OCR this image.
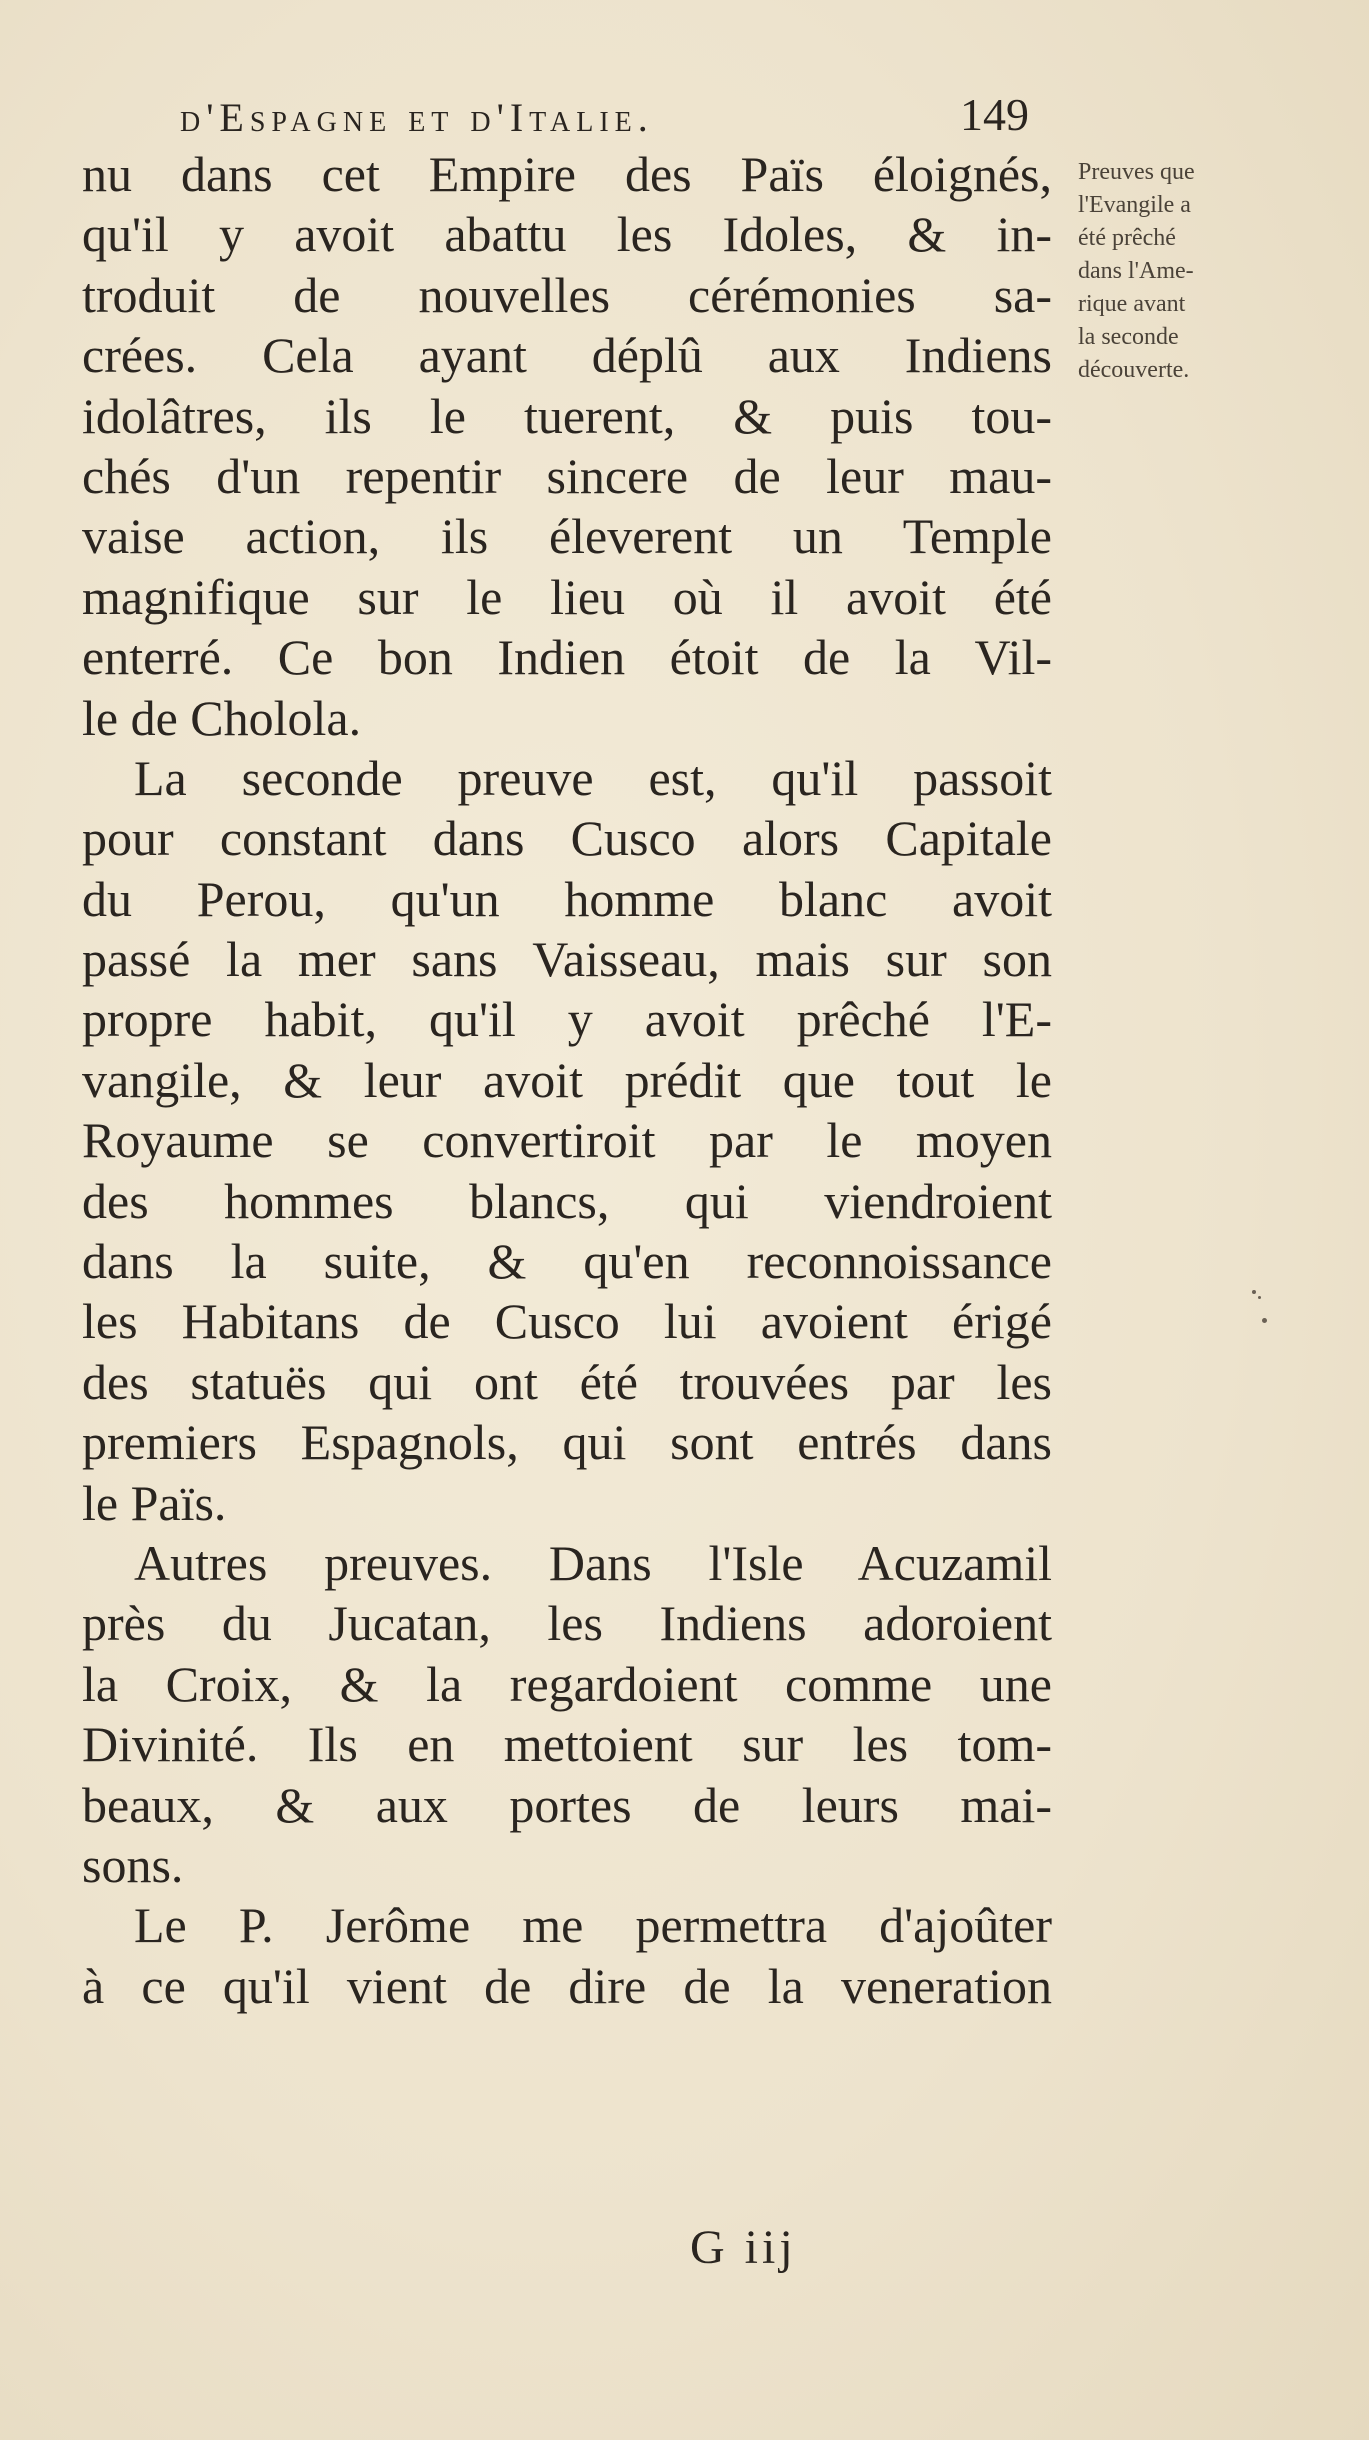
d'Espagne et d'Italie.	149
nu dans cet Empire des Païs éloignés,
qu'il y avoit abattu les Idoles, & in-
troduit de nouvelles cérémonies sa-
crées. Cela ayant déplû aux Indiens
idolâtres, ils le tuerent, & puis tou-
chés d'un repentir sincere de leur mau-
vaise action, ils éleverent un Temple
magnifique sur le lieu où il avoit été
enterré. Ce bon Indien étoit de la Vil-
le de Cholola.
La seconde preuve est, qu'il passoit
pour constant dans Cusco alors Capitale
du Perou, qu'un homme blanc avoit
passé la mer sans Vaisseau, mais sur son
propre habit, qu'il y avoit prêché l'E-
vangile, & leur avoit prédit que tout le
Royaume se convertiroit par le moyen
des hommes blancs, qui viendroient
dans la suite, & qu'en reconnoissance
les Habitans de Cusco lui avoient érigé
des statuës qui ont été trouvées par les
premiers Espagnols, qui sont entrés dans
le Païs.
Autres preuves. Dans l'Isle Acuzamil
près du Jucatan, les Indiens adoroient
la Croix, & la regardoient comme une
Divinité. Ils en mettoient sur les tom-
beaux, & aux portes de leurs mai-
sons.
Le P. Jerôme me permettra d'ajoûter
à ce qu'il vient de dire de la veneration
Preuves que
l'Evangile a
été prêché
dans l'Ame-
rique avant
la seconde
découverte.
G iij
